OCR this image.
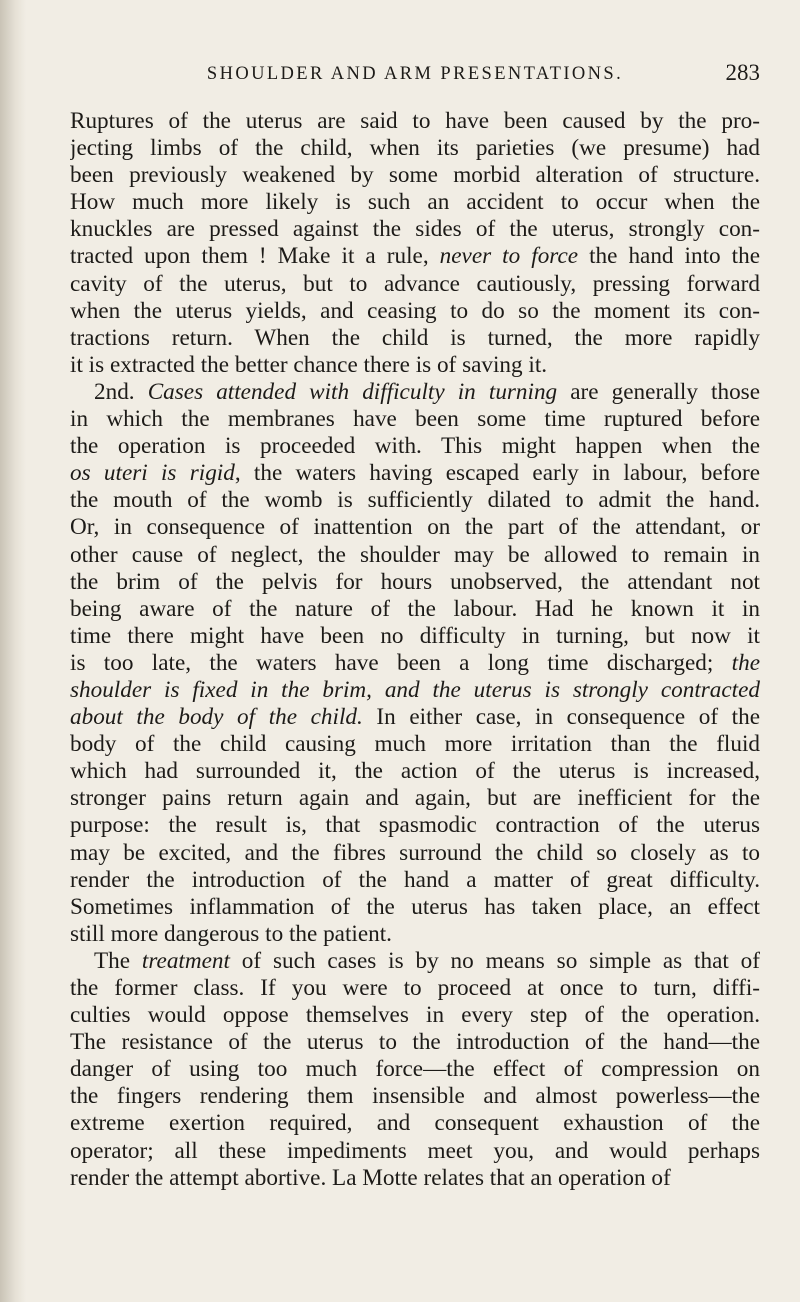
SHOULDER AND ARM PRESENTATIONS.	283
Ruptures of the uterus are said to have been caused by the pro-
jecting limbs of the child, when its parieties (we presume) had
been previously weakened by some morbid alteration of structure.
How much more likely is such an accident to occur when the
knuckles are pressed against the sides of the uterus, strongly con-
tracted upon them ! Make it a rule, never to force the hand into the
cavity of the uterus, but to advance cautiously, pressing forward
when the uterus yields, and ceasing to do so the moment its con-
tractions return. When the child is turned, the more rapidly
it is extracted the better chance there is of saving it.
2nd. Cases attended with difficulty in turning are generally those
in which the membranes have been some time ruptured before
the operation is proceeded with. This might happen when the
os uteri is rigid, the waters having escaped early in labour, before
the mouth of the womb is sufficiently dilated to admit the hand.
Or, in consequence of inattention on the part of the attendant, or
other cause of neglect, the shoulder may be allowed to remain in
the brim of the pelvis for hours unobserved, the attendant not
being aware of the nature of the labour. Had he known it in
time there might have been no difficulty in turning, but now it
is too late, the waters have been a long time discharged; the
shoulder is fixed in the brim, and the uterus is strongly contracted
about the body of the child. In either case, in consequence of the
body of the child causing much more irritation than the fluid
which had surrounded it, the action of the uterus is increased,
stronger pains return again and again, but are inefficient for the
purpose: the result is, that spasmodic contraction of the uterus
may be excited, and the fibres surround the child so closely as to
render the introduction of the hand a matter of great difficulty.
Sometimes inflammation of the uterus has taken place, an effect
still more dangerous to the patient.
The treatment of such cases is by no means so simple as that of
the former class. If you were to proceed at once to turn, diffi-
culties would oppose themselves in every step of the operation.
The resistance of the uterus to the introduction of the hand—the
danger of using too much force—the effect of compression on
the fingers rendering them insensible and almost powerless—the
extreme exertion required, and consequent exhaustion of the
operator; all these impediments meet you, and would perhaps
render the attempt abortive. La Motte relates that an operation of
